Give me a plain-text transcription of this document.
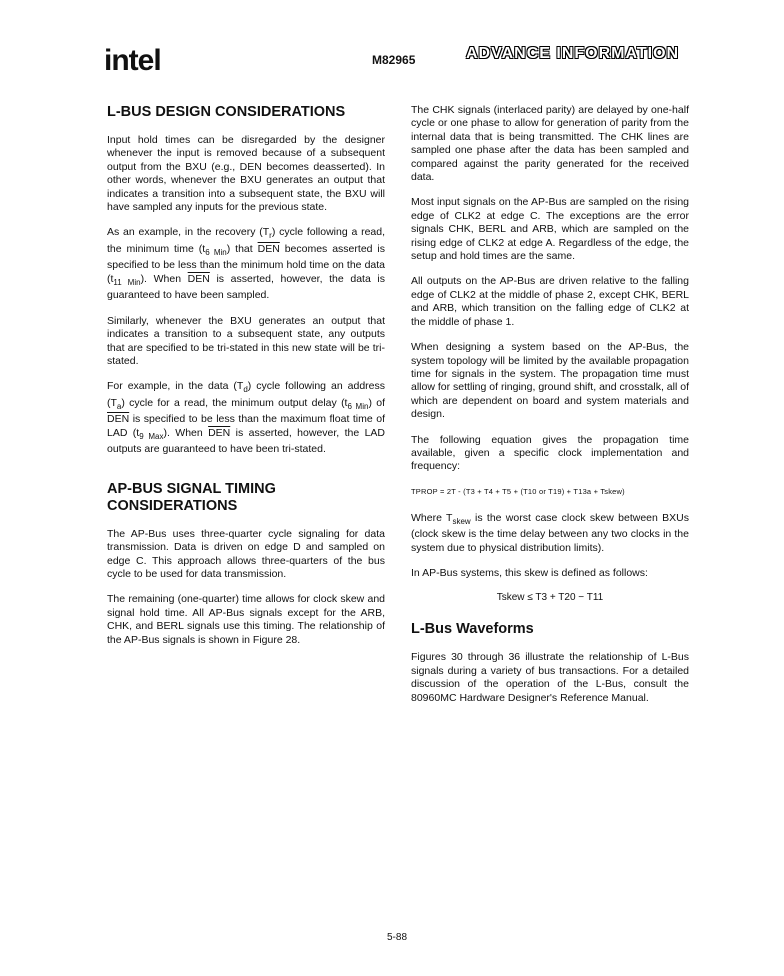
intel	M82965	ADVANCE INFORMATION
L-BUS DESIGN CONSIDERATIONS

Input hold times can be disregarded by the designer whenever the input is removed because of a subsequent output from the BXU (e.g., DEN becomes deasserted). In other words, whenever the BXU generates an output that indicates a transition into a subsequent state, the BXU will have sampled any inputs for the previous state.

As an example, in the recovery $(T_r)$ cycle following a read, the minimum time $(t_{6 Min})$ that $\overline{DEN}$ becomes asserted is specified to be less than the minimum hold time on the data $(t_{11 Min})$. When $\overline{DEN}$ is asserted, however, the data is guaranteed to have been sampled.

Similarly, whenever the BXU generates an output that indicates a transition to a subsequent state, any outputs that are specified to be tri-stated in this new state will be tri-stated.

For example, in the data $(T_d)$ cycle following an address $(T_a)$ cycle for a read, the minimum output delay $(t_{6 Min})$ of $\overline{DEN}$ is specified to be less than the maximum float time of LAD $(t_{9 Max})$. When $\overline{DEN}$ is asserted, however, the LAD outputs are guaranteed to have been tri-stated.

AP-BUS SIGNAL TIMING CONSIDERATIONS

The AP-Bus uses three-quarter cycle signaling for data transmission. Data is driven on edge D and sampled on edge C. This approach allows three-quarters of the bus cycle to be used for data transmission.

The remaining (one-quarter) time allows for clock skew and signal hold time. All AP-Bus signals except for the ARB, CHK, and BERL signals use this timing. The relationship of the AP-Bus signals is shown in Figure 28.

The CHK signals (interlaced parity) are delayed by one-half cycle or one phase to allow for generation of parity from the internal data that is being transmitted. The CHK lines are sampled one phase after the data has been sampled and compared against the parity generated for the received data.

Most input signals on the AP-Bus are sampled on the rising edge of CLK2 at edge C. The exceptions are the error signals CHK, BERL and ARB, which are sampled on the rising edge of CLK2 at edge A. Regardless of the edge, the setup and hold times are the same.

All outputs on the AP-Bus are driven relative to the falling edge of CLK2 at the middle of phase 2, except CHK, BERL and ARB, which transition on the falling edge of CLK2 at the middle of phase 1.

When designing a system based on the AP-Bus, the system topology will be limited by the available propagation time for signals in the system. The propagation time must allow for settling of ringing, ground shift, and crosstalk, all of which are dependent on board and system materials and design.

The following equation gives the propagation time available, given a specific clock implementation and frequency:

TPROP = 2T - (T3 + T4 + T5 + (T10 or T19) + T13a + Tskew)

Where $T_{skew}$ is the worst case clock skew between BXUs (clock skew is the time delay between any two clocks in the system due to physical distribution limits).

In AP-Bus systems, this skew is defined as follows:

Tskew ≤ T3 + T20 − T11
L-Bus Waveforms

Figures 30 through 36 illustrate the relationship of L-Bus signals during a variety of bus transactions. For a detailed discussion of the operation of the L-Bus, consult the 80960MC Hardware Designer's Reference Manual.

5-88
